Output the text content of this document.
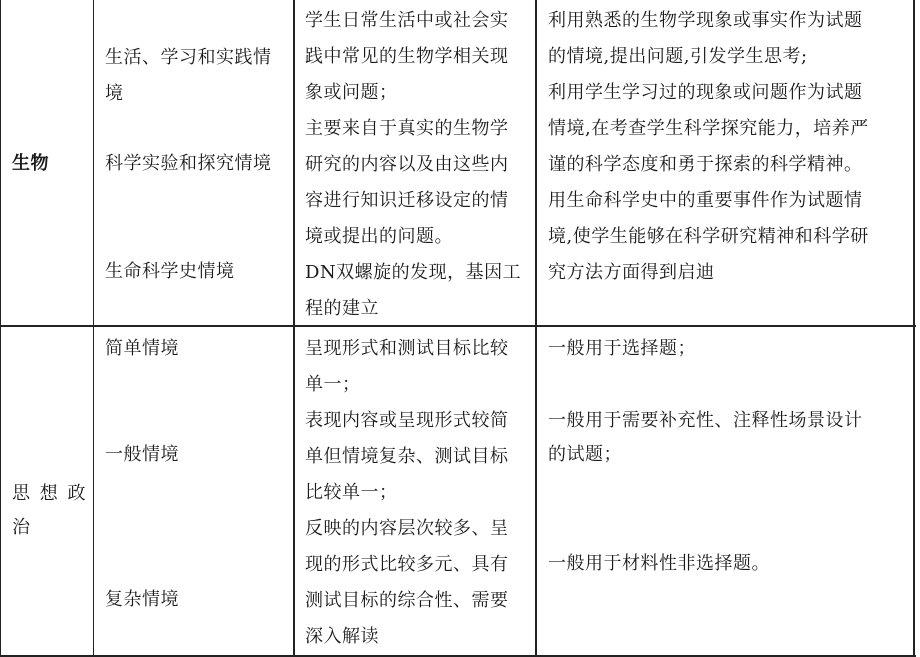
生物
生活、学习和实践情
境
科学实验和探究情境
生命科学史情境
学生日常生活中或社会实
践中常见的生物学相关现
象或问题；
主要来自于真实的生物学
研究的内容以及由这些内
容进行知识迁移设定的情
境或提出的问题。
DN双螺旋的发现，基因工
程的建立
利用熟悉的生物学现象或事实作为试题
的情境,提出问题,引发学生思考;
利用学生学习过的现象或问题作为试题
情境,在考查学生科学探究能力，培养严
谨的科学态度和勇于探索的科学精神。
用生命科学史中的重要事件作为试题情
境,使学生能够在科学研究精神和科学研
究方法方面得到启迪
思 想 政
治
简单情境
一般情境
复杂情境
呈现形式和测试目标比较
单一；
表现内容或呈现形式较简
单但情境复杂、测试目标
比较单一；
反映的内容层次较多、呈
现的形式比较多元、具有
测试目标的综合性、需要
深入解读
一般用于选择题；
一般用于需要补充性、注释性场景设计
的试题；
一般用于材料性非选择题。
